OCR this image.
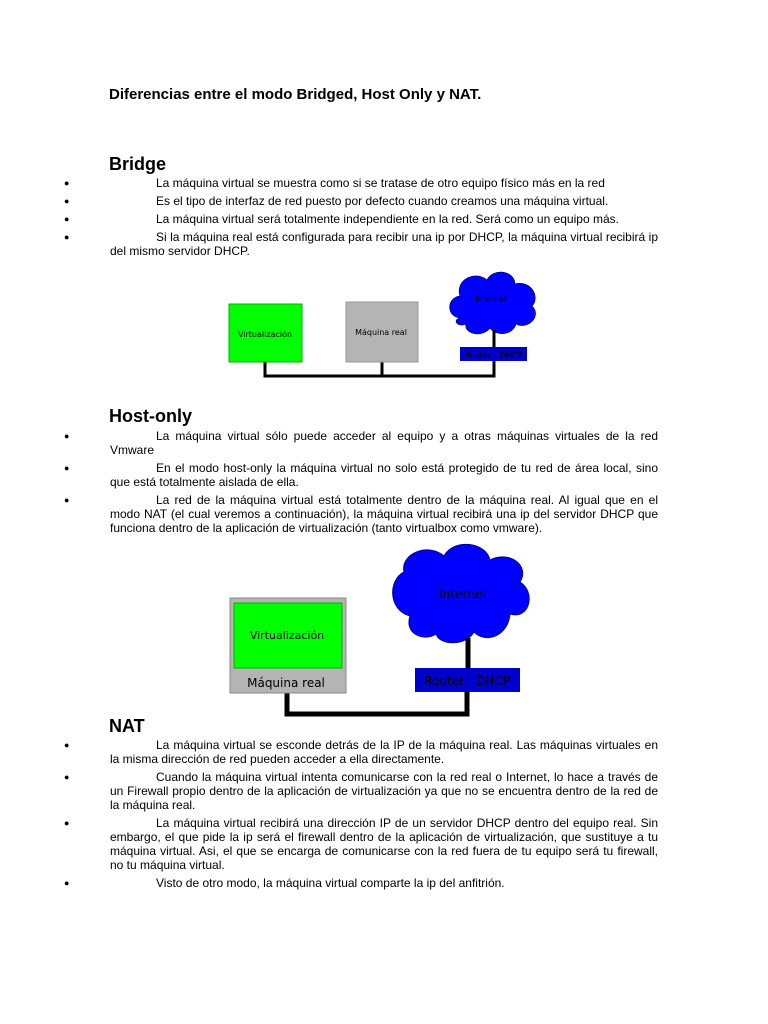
Diferencias entre el modo Bridged, Host Only y NAT.
Bridge
●	La máquina virtual se muestra como si se tratase de otro equipo físico más en la red
●	Es el tipo de interfaz de red puesto por defecto cuando creamos una máquina virtual.
●	La máquina virtual será totalmente independiente en la red. Será como un equipo más.
●	Si la máquina real está configurada para recibir una ip por DHCP, la máquina virtual recibirá ip del mismo servidor DHCP.
Virtualización	Máquina real
Internet
Router - DHCP
Host-only
●	La máquina virtual sólo puede acceder al equipo y a otras máquinas virtuales de la red Vmware
●	En el modo host-only la máquina virtual no solo está protegido de tu red de área local, sino que está totalmente aislada de ella.
●	La red de la máquina virtual está totalmente dentro de la máquina real. Al igual que en el modo NAT (el cual veremos a continuación), la máquina virtual recibirá una ip del servidor DHCP que funciona dentro de la aplicación de virtualización (tanto virtualbox como vmware).
Virtualización
Máquina real
Internet
Router - DHCP
NAT
●	La máquina virtual se esconde detrás de la IP de la máquina real. Las máquinas virtuales en la misma dirección de red pueden acceder a ella directamente.
●	Cuando la máquina virtual intenta comunicarse con la red real o Internet, lo hace a través de un Firewall propio dentro de la aplicación de virtualización ya que no se encuentra dentro de la red de la máquina real.
●	La máquina virtual recibirá una dirección IP de un servidor DHCP dentro del equipo real. Sin embargo, el que pide la ip será el firewall dentro de la aplicación de virtualización, que sustituye a tu máquina virtual. Asi, el que se encarga de comunicarse con la red fuera de tu equipo será tu firewall, no tu máquina virtual.
●	Visto de otro modo, la máquina virtual comparte la ip del anfitrión.
